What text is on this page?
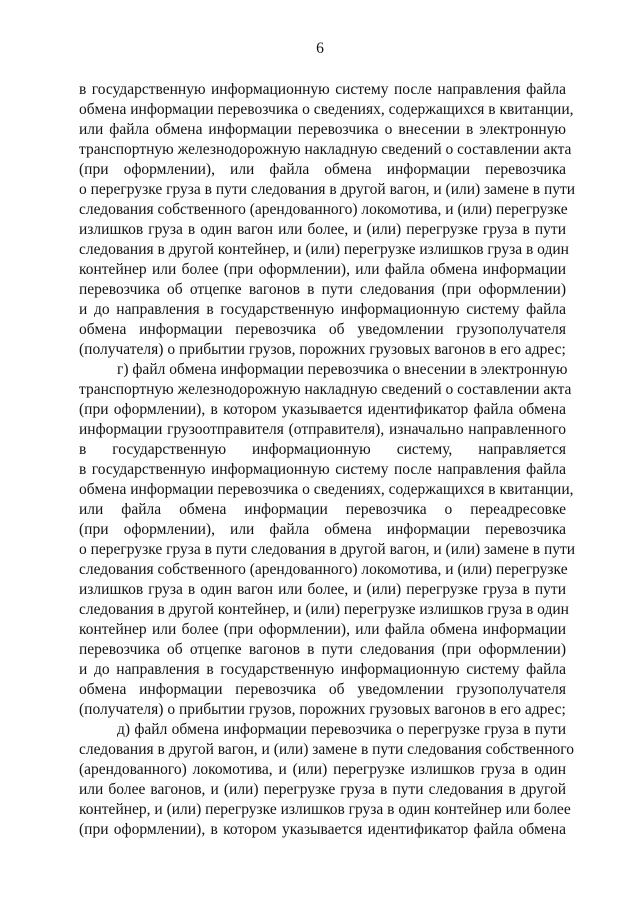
6
в государственную информационную систему после направления файла
обмена информации перевозчика о сведениях, содержащихся в квитанции,
или файла обмена информации перевозчика о внесении в электронную
транспортную железнодорожную накладную сведений о составлении акта
(при оформлении), или файла обмена информации перевозчика
о перегрузке груза в пути следования в другой вагон, и (или) замене в пути
следования собственного (арендованного) локомотива, и (или) перегрузке
излишков груза в один вагон или более, и (или) перегрузке груза в пути
следования в другой контейнер, и (или) перегрузке излишков груза в один
контейнер или более (при оформлении), или файла обмена информации
перевозчика об отцепке вагонов в пути следования (при оформлении)
и до направления в государственную информационную систему файла
обмена информации перевозчика об уведомлении грузополучателя
(получателя) о прибытии грузов, порожних грузовых вагонов в его адрес;
г) файл обмена информации перевозчика о внесении в электронную
транспортную железнодорожную накладную сведений о составлении акта
(при оформлении), в котором указывается идентификатор файла обмена
информации грузоотправителя (отправителя), изначально направленного
в государственную информационную систему, направляется
в государственную информационную систему после направления файла
обмена информации перевозчика о сведениях, содержащихся в квитанции,
или файла обмена информации перевозчика о переадресовке
(при оформлении), или файла обмена информации перевозчика
о перегрузке груза в пути следования в другой вагон, и (или) замене в пути
следования собственного (арендованного) локомотива, и (или) перегрузке
излишков груза в один вагон или более, и (или) перегрузке груза в пути
следования в другой контейнер, и (или) перегрузке излишков груза в один
контейнер или более (при оформлении), или файла обмена информации
перевозчика об отцепке вагонов в пути следования (при оформлении)
и до направления в государственную информационную систему файла
обмена информации перевозчика об уведомлении грузополучателя
(получателя) о прибытии грузов, порожних грузовых вагонов в его адрес;
д) файл обмена информации перевозчика о перегрузке груза в пути
следования в другой вагон, и (или) замене в пути следования собственного
(арендованного) локомотива, и (или) перегрузке излишков груза в один
или более вагонов, и (или) перегрузке груза в пути следования в другой
контейнер, и (или) перегрузке излишков груза в один контейнер или более
(при оформлении), в котором указывается идентификатор файла обмена
